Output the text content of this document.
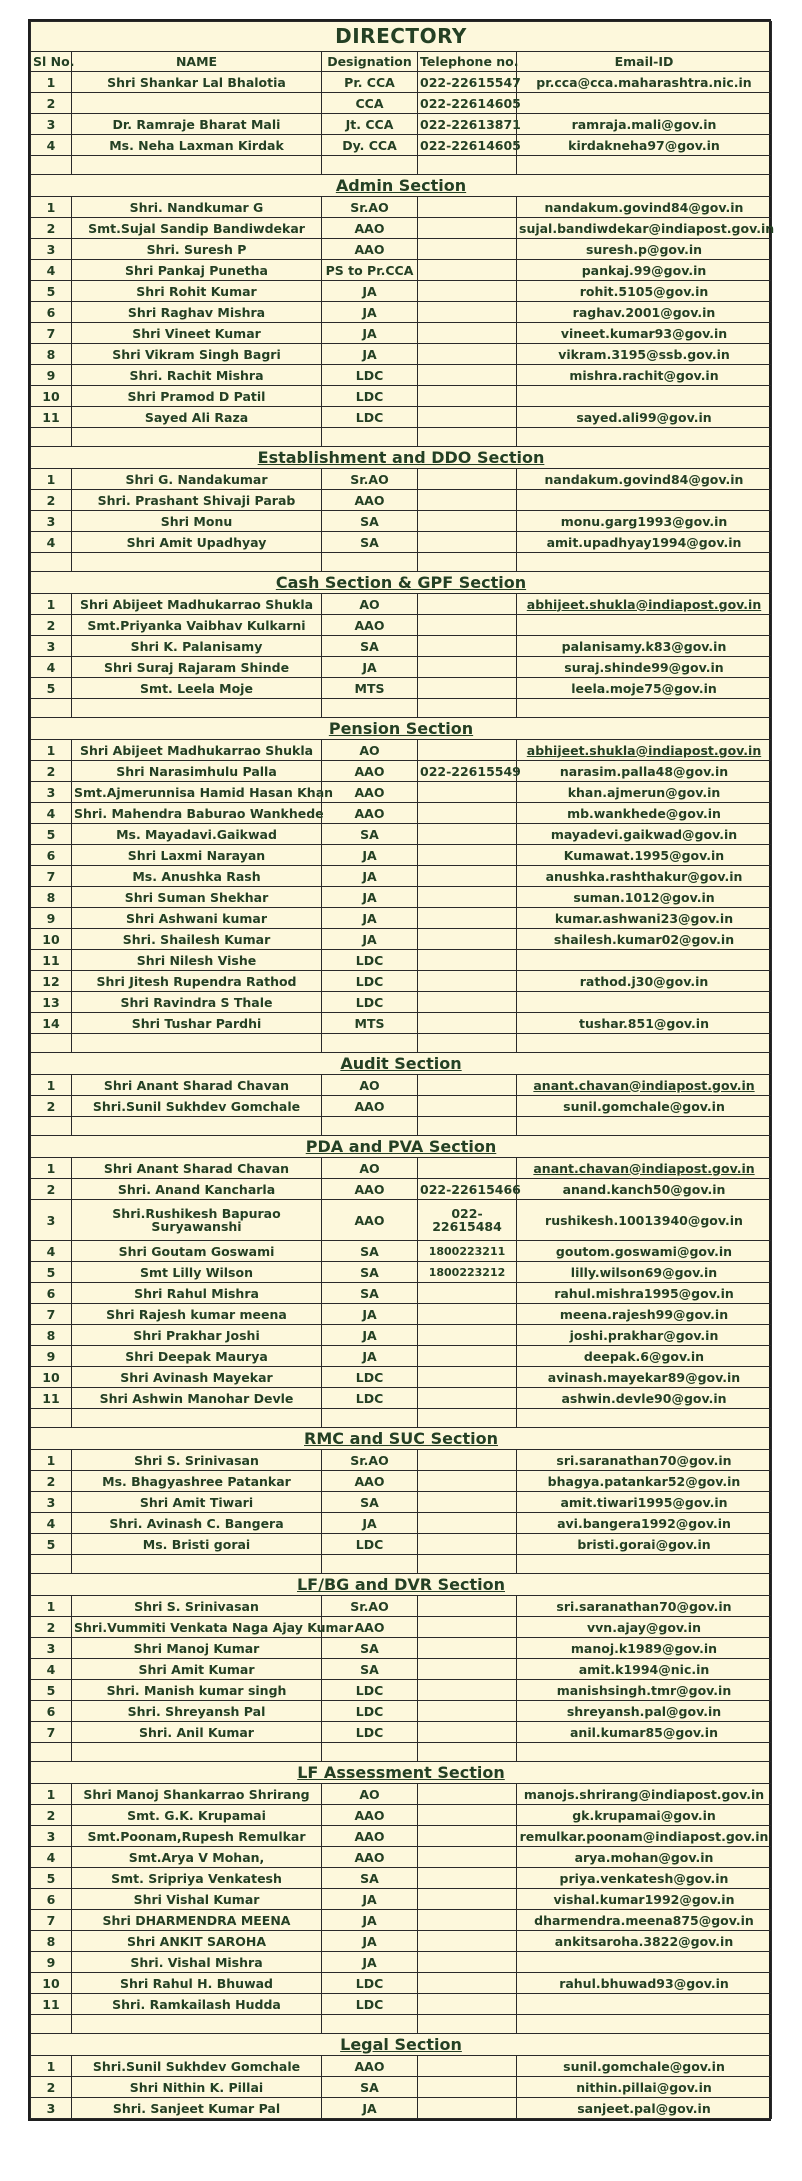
DIRECTORY				
Sl No.	NAME	Designation	Telephone no.	Email-ID
1	Shri Shankar Lal Bhalotia	Pr. CCA	022-22615547	pr.cca@cca.maharashtra.nic.in
2		CCA	022-22614605	
3	Dr. Ramraje Bharat Mali	Jt. CCA	022-22613871	ramraja.mali@gov.in
4	Ms. Neha Laxman Kirdak	Dy. CCA	022-22614605	kirdakneha97@gov.in

Admin Section				
1	Shri. Nandkumar G	Sr.AO		nandakum.govind84@gov.in
2	Smt.Sujal Sandip Bandiwdekar	AAO		sujal.bandiwdekar@indiapost.gov.in
3	Shri. Suresh P	AAO		suresh.p@gov.in
4	Shri Pankaj Punetha	PS to Pr.CCA		pankaj.99@gov.in
5	Shri Rohit Kumar	JA		rohit.5105@gov.in
6	Shri Raghav Mishra	JA		raghav.2001@gov.in
7	Shri Vineet Kumar	JA		vineet.kumar93@gov.in
8	Shri Vikram Singh Bagri	JA		vikram.3195@ssb.gov.in
9	Shri. Rachit Mishra	LDC		mishra.rachit@gov.in
10	Shri Pramod D Patil	LDC		
11	Sayed Ali Raza	LDC		sayed.ali99@gov.in

Establishment and DDO Section				
1	Shri G. Nandakumar	Sr.AO		nandakum.govind84@gov.in
2	Shri. Prashant Shivaji Parab	AAO		
3	Shri Monu	SA		monu.garg1993@gov.in
4	Shri Amit Upadhyay	SA		amit.upadhyay1994@gov.in

Cash Section & GPF Section				
1	Shri Abijeet Madhukarrao Shukla	AO		abhijeet.shukla@indiapost.gov.in
2	Smt.Priyanka Vaibhav Kulkarni	AAO		
3	Shri K. Palanisamy	SA		palanisamy.k83@gov.in
4	Shri Suraj Rajaram Shinde	JA		suraj.shinde99@gov.in
5	Smt. Leela Moje	MTS		leela.moje75@gov.in

Pension Section				
1	Shri Abijeet Madhukarrao Shukla	AO		abhijeet.shukla@indiapost.gov.in
2	Shri Narasimhulu Palla	AAO	022-22615549	narasim.palla48@gov.in
3	Smt.Ajmerunnisa Hamid Hasan Khan	AAO		khan.ajmerun@gov.in
4	Shri. Mahendra Baburao Wankhede	AAO		mb.wankhede@gov.in
5	Ms. Mayadavi.Gaikwad	SA		mayadevi.gaikwad@gov.in
6	Shri Laxmi Narayan	JA		Kumawat.1995@gov.in
7	Ms. Anushka Rash	JA		anushka.rashthakur@gov.in
8	Shri Suman Shekhar	JA		suman.1012@gov.in
9	Shri Ashwani kumar	JA		kumar.ashwani23@gov.in
10	Shri. Shailesh Kumar	JA		shailesh.kumar02@gov.in
11	Shri Nilesh Vishe	LDC		
12	Shri Jitesh Rupendra Rathod	LDC		rathod.j30@gov.in
13	Shri Ravindra S Thale	LDC		
14	Shri Tushar Pardhi	MTS		tushar.851@gov.in

Audit Section				
1	Shri Anant Sharad Chavan	AO		anant.chavan@indiapost.gov.in
2	Shri.Sunil Sukhdev Gomchale	AAO		sunil.gomchale@gov.in

PDA and PVA Section				
1	Shri Anant Sharad Chavan	AO		anant.chavan@indiapost.gov.in
2	Shri. Anand Kancharla	AAO	022-22615466	anand.kanch50@gov.in
3	Shri.Rushikesh Bapurao Suryawanshi	AAO	022-22615484	rushikesh.10013940@gov.in
4	Shri Goutam Goswami	SA	1800223211	goutom.goswami@gov.in
5	Smt Lilly Wilson	SA	1800223212	lilly.wilson69@gov.in
6	Shri Rahul Mishra	SA		rahul.mishra1995@gov.in
7	Shri Rajesh kumar meena	JA		meena.rajesh99@gov.in
8	Shri Prakhar Joshi	JA		joshi.prakhar@gov.in
9	Shri Deepak Maurya	JA		deepak.6@gov.in
10	Shri Avinash Mayekar	LDC		avinash.mayekar89@gov.in
11	Shri Ashwin Manohar Devle	LDC		ashwin.devle90@gov.in

RMC and SUC Section				
1	Shri S. Srinivasan	Sr.AO		sri.saranathan70@gov.in
2	Ms. Bhagyashree Patankar	AAO		bhagya.patankar52@gov.in
3	Shri Amit Tiwari	SA		amit.tiwari1995@gov.in
4	Shri. Avinash C. Bangera	JA		avi.bangera1992@gov.in
5	Ms. Bristi gorai	LDC		bristi.gorai@gov.in

LF/BG and DVR Section				
1	Shri S. Srinivasan	Sr.AO		sri.saranathan70@gov.in
2	Shri.Vummiti Venkata Naga Ajay Kumar	AAO		vvn.ajay@gov.in
3	Shri Manoj Kumar	SA		manoj.k1989@gov.in
4	Shri Amit Kumar	SA		amit.k1994@nic.in
5	Shri. Manish kumar singh	LDC		manishsingh.tmr@gov.in
6	Shri. Shreyansh Pal	LDC		shreyansh.pal@gov.in
7	Shri. Anil Kumar	LDC		anil.kumar85@gov.in

LF Assessment Section				
1	Shri Manoj Shankarrao Shrirang	AO		manojs.shrirang@indiapost.gov.in
2	Smt. G.K. Krupamai	AAO		gk.krupamai@gov.in
3	Smt.Poonam,Rupesh Remulkar	AAO		remulkar.poonam@indiapost.gov.in
4	Smt.Arya V Mohan,	AAO		arya.mohan@gov.in
5	Smt. Sripriya Venkatesh	SA		priya.venkatesh@gov.in
6	Shri Vishal Kumar	JA		vishal.kumar1992@gov.in
7	Shri DHARMENDRA MEENA	JA		dharmendra.meena875@gov.in
8	Shri ANKIT SAROHA	JA		ankitsaroha.3822@gov.in
9	Shri. Vishal Mishra	JA		
10	Shri Rahul H. Bhuwad	LDC		rahul.bhuwad93@gov.in
11	Shri. Ramkailash Hudda	LDC		

Legal Section				
1	Shri.Sunil Sukhdev Gomchale	AAO		sunil.gomchale@gov.in
2	Shri Nithin K. Pillai	SA		nithin.pillai@gov.in
3	Shri. Sanjeet Kumar Pal	JA		sanjeet.pal@gov.in
